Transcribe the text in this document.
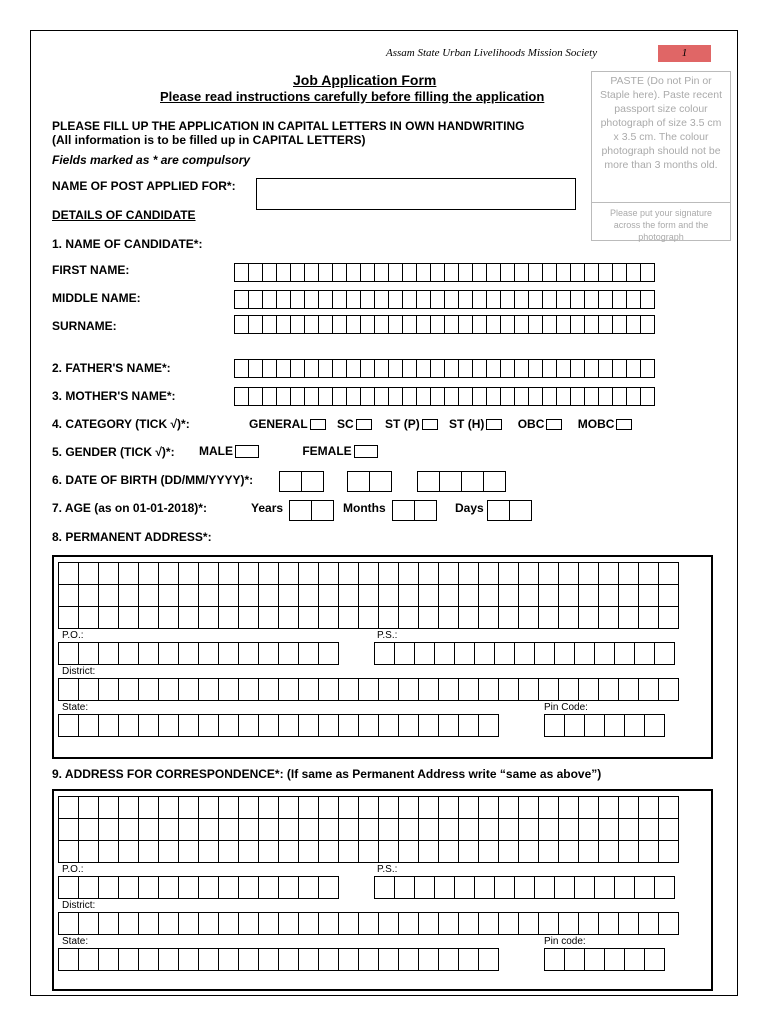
Assam State Urban Livelihoods Mission Society	1
Job Application Form
Please read instructions carefully before filling the application
PLEASE FILL UP THE APPLICATION IN CAPITAL LETTERS IN OWN HANDWRITING
(All information is to be filled up in CAPITAL LETTERS)
Fields marked as * are compulsory
PASTE (Do not Pin or Staple here). Paste recent passport size colour photograph of size 3.5 cm x 3.5 cm. The colour photograph should not be more than 3 months old.
Please put your signature across the form and the photograph
NAME OF POST APPLIED FOR*:
DETAILS OF CANDIDATE
1. NAME OF CANDIDATE*:
FIRST NAME:
MIDDLE NAME:
SURNAME:
2. FATHER'S NAME*:
3. MOTHER'S NAME*:
4. CATEGORY (TICK √)*:	GENERAL SC	ST (P) ST (H)	OBC	MOBC
5. GENDER (TICK √)*: MALE	FEMALE
6. DATE OF BIRTH (DD/MM/YYYY)*:
7. AGE (as on 01-01-2018)*:	Years	Months	Days
8. PERMANENT ADDRESS*:
P.O.:	P.S.:
District:
State:	Pin Code:
9. ADDRESS FOR CORRESPONDENCE*: (If same as Permanent Address write “same as above”)
P.O.:	P.S.:
District:
State:	Pin code:
